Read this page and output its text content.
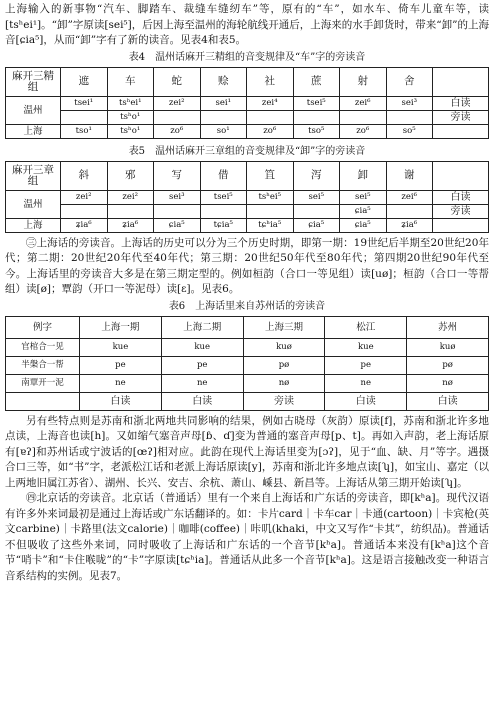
上海输入的新事物“汽车、脚踏车、裁缝车缝纫车”等，原有的“车”，如水车、倚车儿童车等，读[tsʰei¹]。“卸”字原读[sei⁵]，后因上海至温州的海轮航线开通后，上海来的水手卸货时，带来“卸”的上海音[ɕia⁵]，从而“卸”字有了新的读音。见表4和表5。

表4 温州话麻开三精组的音变规律及“车”字的旁读音
麻开三精组	遮	车	蛇	赊	社	蔗	射	舍	
温州	tsei¹	tsʰei¹	zei²	sei¹	zei⁴	tsei⁵	zei⁶	sei³	白读
		tsʰo¹							旁读
上海	tso¹	tsʰo¹	zo⁶	so¹	zo⁶	tso⁵	zo⁶	so⁵	
表5 温州话麻开三章组的音变规律及“卸”字的旁读音
麻开三章组	斜	邪	写	借	笡	泻	卸	谢	
温州	zei²	zei²	sei³	tsei⁵	tsʰei⁵	sei⁵	sei⁵	zei⁶	白读
							ɕia⁵		旁读
上海	ʑia⁶	ʑia⁶	ɕia⁵	tɕia⁵	tɕʰia⁵	ɕia⁵	ɕia⁵	ʑia⁶	

㊂上海话的旁读音。上海话的历史可以分为三个历史时期，即第一期：19世纪后半期至20世纪20年代；第二期：20世纪20年代至40年代；第三期：20世纪50年代至80年代；第四期20世纪90年代至今。上海话里的旁读音大多是在第三期定型的。例如桓韵（合口一等见组）读[uø]；桓韵（合口一等帮组）读[ø]；覃韵（开口一等泥母）读[ɛ]。见表6。

表6 上海话里来自苏州话的旁读音
例字	上海一期	上海二期	上海三期	松江	苏州
官棺合一见	kue	kue	kuø	kue	kuø
半槃合一帮	pe	pe	pø	pe	pø
南覃开一泥	ne	ne	nø	ne	nø
	白读	白读	旁读	白读	白读

另有些特点则是苏南和浙北两地共同影响的结果，例如古晓母（灰韵）原读[f]，苏南和浙北许多地点读，上海音也读[h]。又如缩气塞音声母[ɓ、ɗ]变为普通的塞音声母[p、t]。再如入声韵，老上海话原有[ɐʔ]和苏州话或宁波话的[œʔ]相对应。此韵在现代上海话里变为[ɔʔ]，见于“血、缺、月”等字。遇摄合口三等，如“书”字，老派松江话和老派上海话原读[y]，苏南和浙北许多地点读[ʮ]，如宝山、嘉定（以上两地旧属江苏省）、湖州、长兴、安吉、余杭、萧山、嵊县、新昌等。上海话从第三期开始读[ʮ]。

㊃北京话的旁读音。北京话（普通话）里有一个来自上海话和广东话的旁读音，即[kʰa]。现代汉语有许多外来词最初是通过上海话或广东话翻译的。如：卡片card｜卡车car｜卡通(cartoon)｜卡宾枪(英文carbine)｜卡路里(法文calorie)｜咖啡(coffee)｜咔叽(khaki，中文又写作“卡其”，纺织品)。普通话不但吸收了这些外来词，同时吸收了上海话和广东话的一个音节[kʰa]。普通话本来没有[kʰa]这个音节“哨卡”和“卡住喉咙”的“卡”字原读[tɕʰia]。普通话从此多一个音节[kʰa]。这是语言接触改变一种语言音系结构的实例。见表7。
